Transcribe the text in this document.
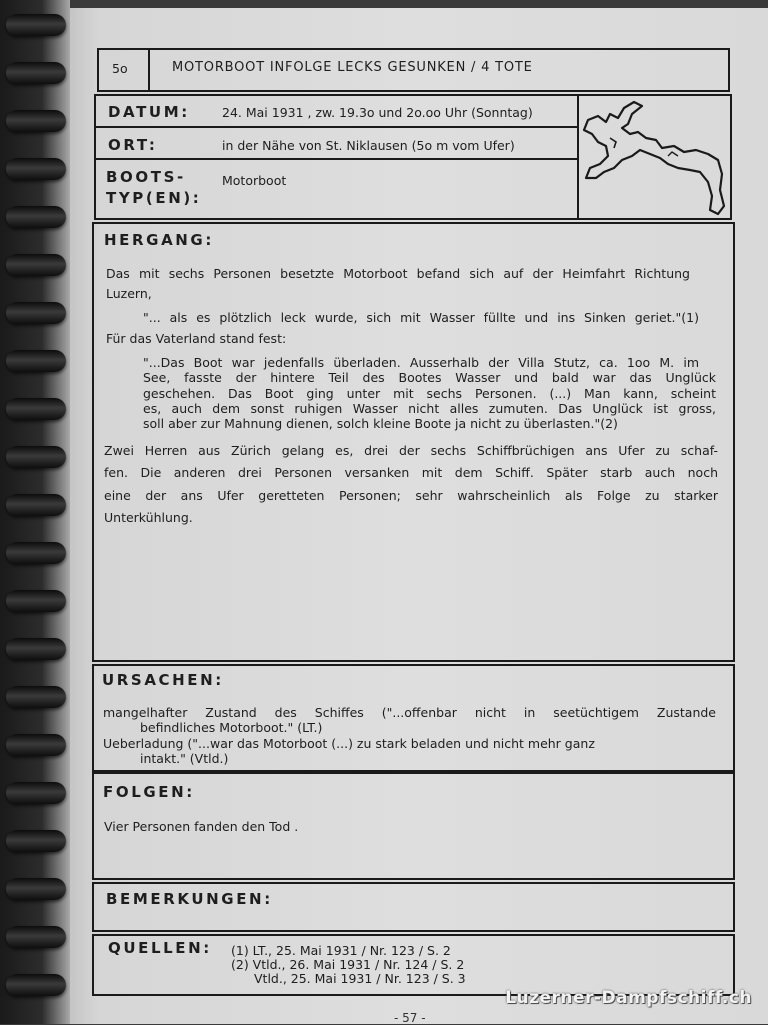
5o	MOTORBOOT INFOLGE LECKS GESUNKEN / 4 TOTE
DATUM:	24. Mai 1931 , zw. 19.3o und 2o.oo Uhr (Sonntag)
ORT:	in der Nähe von St. Niklausen (5o m vom Ufer)
BOOTS-
TYP(EN):
Motorboot
HERGANG:
Das mit sechs Personen besetzte Motorboot befand sich auf der Heimfahrt Richtung
Luzern,
"... als es plötzlich leck wurde, sich mit Wasser füllte und ins Sinken geriet."(1)
Für das Vaterland stand fest:
"...Das Boot war jedenfalls überladen. Ausserhalb der Villa Stutz, ca. 1oo M. im
See, fasste der hintere Teil des Bootes Wasser und bald war das Unglück
geschehen. Das Boot ging unter mit sechs Personen. (...) Man kann, scheint
es, auch dem sonst ruhigen Wasser nicht alles zumuten. Das Unglück ist gross,
soll aber zur Mahnung dienen, solch kleine Boote ja nicht zu überlasten."(2)
Zwei Herren aus Zürich gelang es, drei der sechs Schiffbrüchigen ans Ufer zu schaf-
fen. Die anderen drei Personen versanken mit dem Schiff. Später starb auch noch
eine der ans Ufer geretteten Personen; sehr wahrscheinlich als Folge zu starker
Unterkühlung.
URSACHEN:
mangelhafter Zustand des Schiffes ("...offenbar nicht in seetüchtigem Zustande
befindliches Motorboot." (LT.)
Ueberladung ("...war das Motorboot (...) zu stark beladen und nicht mehr ganz
intakt." (Vtld.)
FOLGEN:
Vier Personen fanden den Tod .
BEMERKUNGEN:
QUELLEN: (1) LT., 25. Mai 1931 / Nr. 123 / S. 2
(2) Vtld., 26. Mai 1931 / Nr. 124 / S. 2
Vtld., 25. Mai 1931 / Nr. 123 / S. 3
- 57 -
Luzerner-Dampfschiff.ch
